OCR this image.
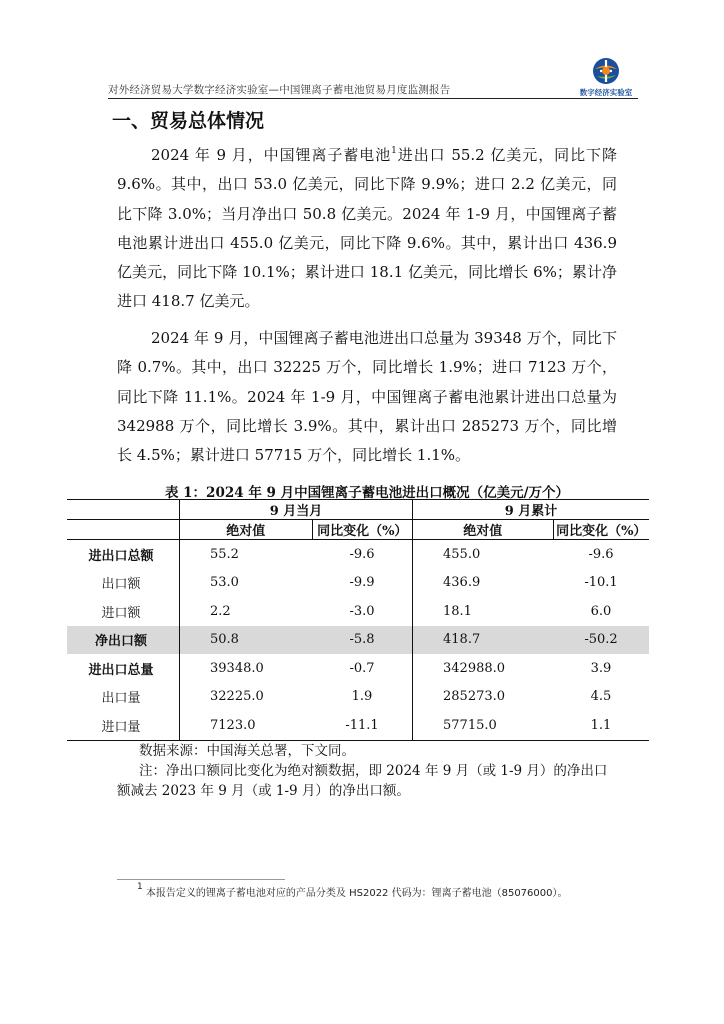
对外经济贸易大学数字经济实验室—中国锂离子蓄电池贸易月度监测报告	数字经济实验室
一、贸易总体情况

2024 年 9 月，中国锂离子蓄电池$^1$进出口 55.2 亿美元，同比下降 9.6%。其中，出口 53.0 亿美元，同比下降 9.9%；进口 2.2 亿美元，同比下降 3.0%；当月净出口 50.8 亿美元。2024 年 1-9 月，中国锂离子蓄电池累计进出口 455.0 亿美元，同比下降 9.6%。其中，累计出口 436.9 亿美元，同比下降 10.1%；累计进口 18.1 亿美元，同比增长 6%；累计净进口 418.7 亿美元。

2024 年 9 月，中国锂离子蓄电池进出口总量为 39348 万个，同比下降 0.7%。其中，出口 32225 万个，同比增长 1.9%；进口 7123 万个，同比下降 11.1%。2024 年 1-9 月，中国锂离子蓄电池累计进出口总量为 342988 万个，同比增长 3.9%。其中，累计出口 285273 万个，同比增长 4.5%；累计进口 57715 万个，同比增长 1.1%。

表 1：2024 年 9 月中国锂离子蓄电池进出口概况（亿美元/万个）
	9 月当月		9 月累计	
	绝对值	同比变化（%）	绝对值	同比变化（%）
进出口总额	55.2	-9.6	455.0	-9.6
出口额	53.0	-9.9	436.9	-10.1
进口额	2.2	-3.0	18.1	6.0
净出口额	50.8	-5.8	418.7	-50.2
进出口总量	39348.0	-0.7	342988.0	3.9
出口量	32225.0	1.9	285273.0	4.5
进口量	7123.0	-11.1	57715.0	1.1
数据来源：中国海关总署，下文同。

注：净出口额同比变化为绝对额数据，即 2024 年 9 月（或 1-9 月）的净出口额减去 2023 年 9 月（或 1-9 月）的净出口额。

$^1$ 本报告定义的锂离子蓄电池对应的产品分类及 HS2022 代码为：锂离子蓄电池（85076000）。
